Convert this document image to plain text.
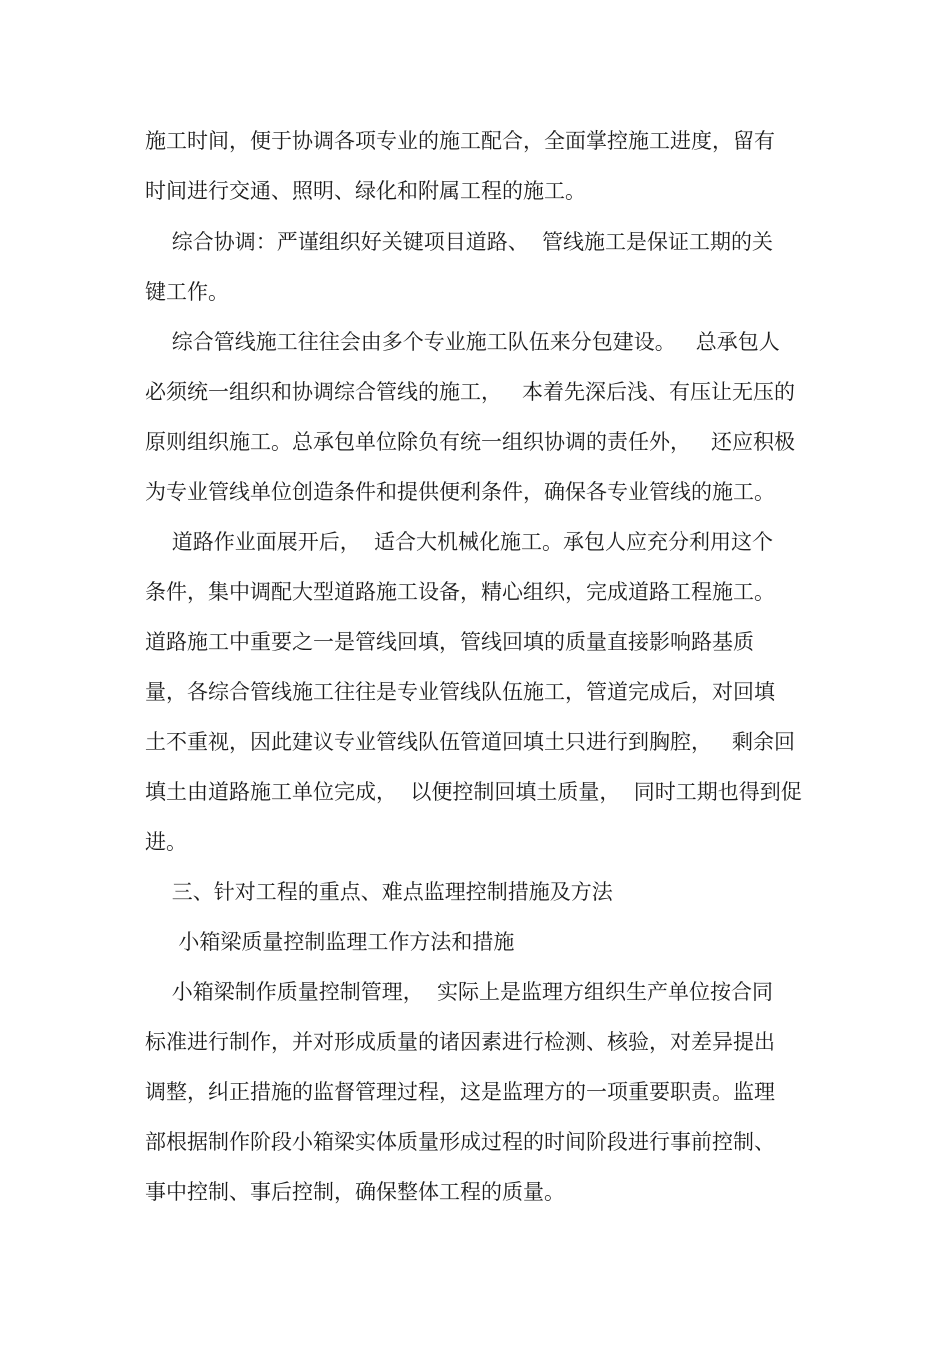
施工时间，便于协调各项专业的施工配合，全面掌控施工进度，留有
时间进行交通、照明、绿化和附属工程的施工。
综合协调：严谨组织好关键项目道路、  管线施工是保证工期的关
键工作。
综合管线施工往往会由多个专业施工队伍来分包建设。   总承包人
必须统一组织和协调综合管线的施工，   本着先深后浅、有压让无压的
原则组织施工。总承包单位除负有统一组织协调的责任外，   还应积极
为专业管线单位创造条件和提供便利条件，确保各专业管线的施工。
道路作业面展开后，  适合大机械化施工。承包人应充分利用这个
条件，集中调配大型道路施工设备，精心组织，完成道路工程施工。
道路施工中重要之一是管线回填，管线回填的质量直接影响路基质
量，各综合管线施工往往是专业管线队伍施工，管道完成后，对回填
土不重视，因此建议专业管线队伍管道回填土只进行到胸腔，   剩余回
填土由道路施工单位完成，  以便控制回填土质量，  同时工期也得到促
进。
三、针对工程的重点、难点监理控制措施及方法
小箱梁质量控制监理工作方法和措施
小箱梁制作质量控制管理，  实际上是监理方组织生产单位按合同
标准进行制作，并对形成质量的诸因素进行检测、核验，对差异提出
调整，纠正措施的监督管理过程，这是监理方的一项重要职责。监理
部根据制作阶段小箱梁实体质量形成过程的时间阶段进行事前控制、
事中控制、事后控制，确保整体工程的质量。
